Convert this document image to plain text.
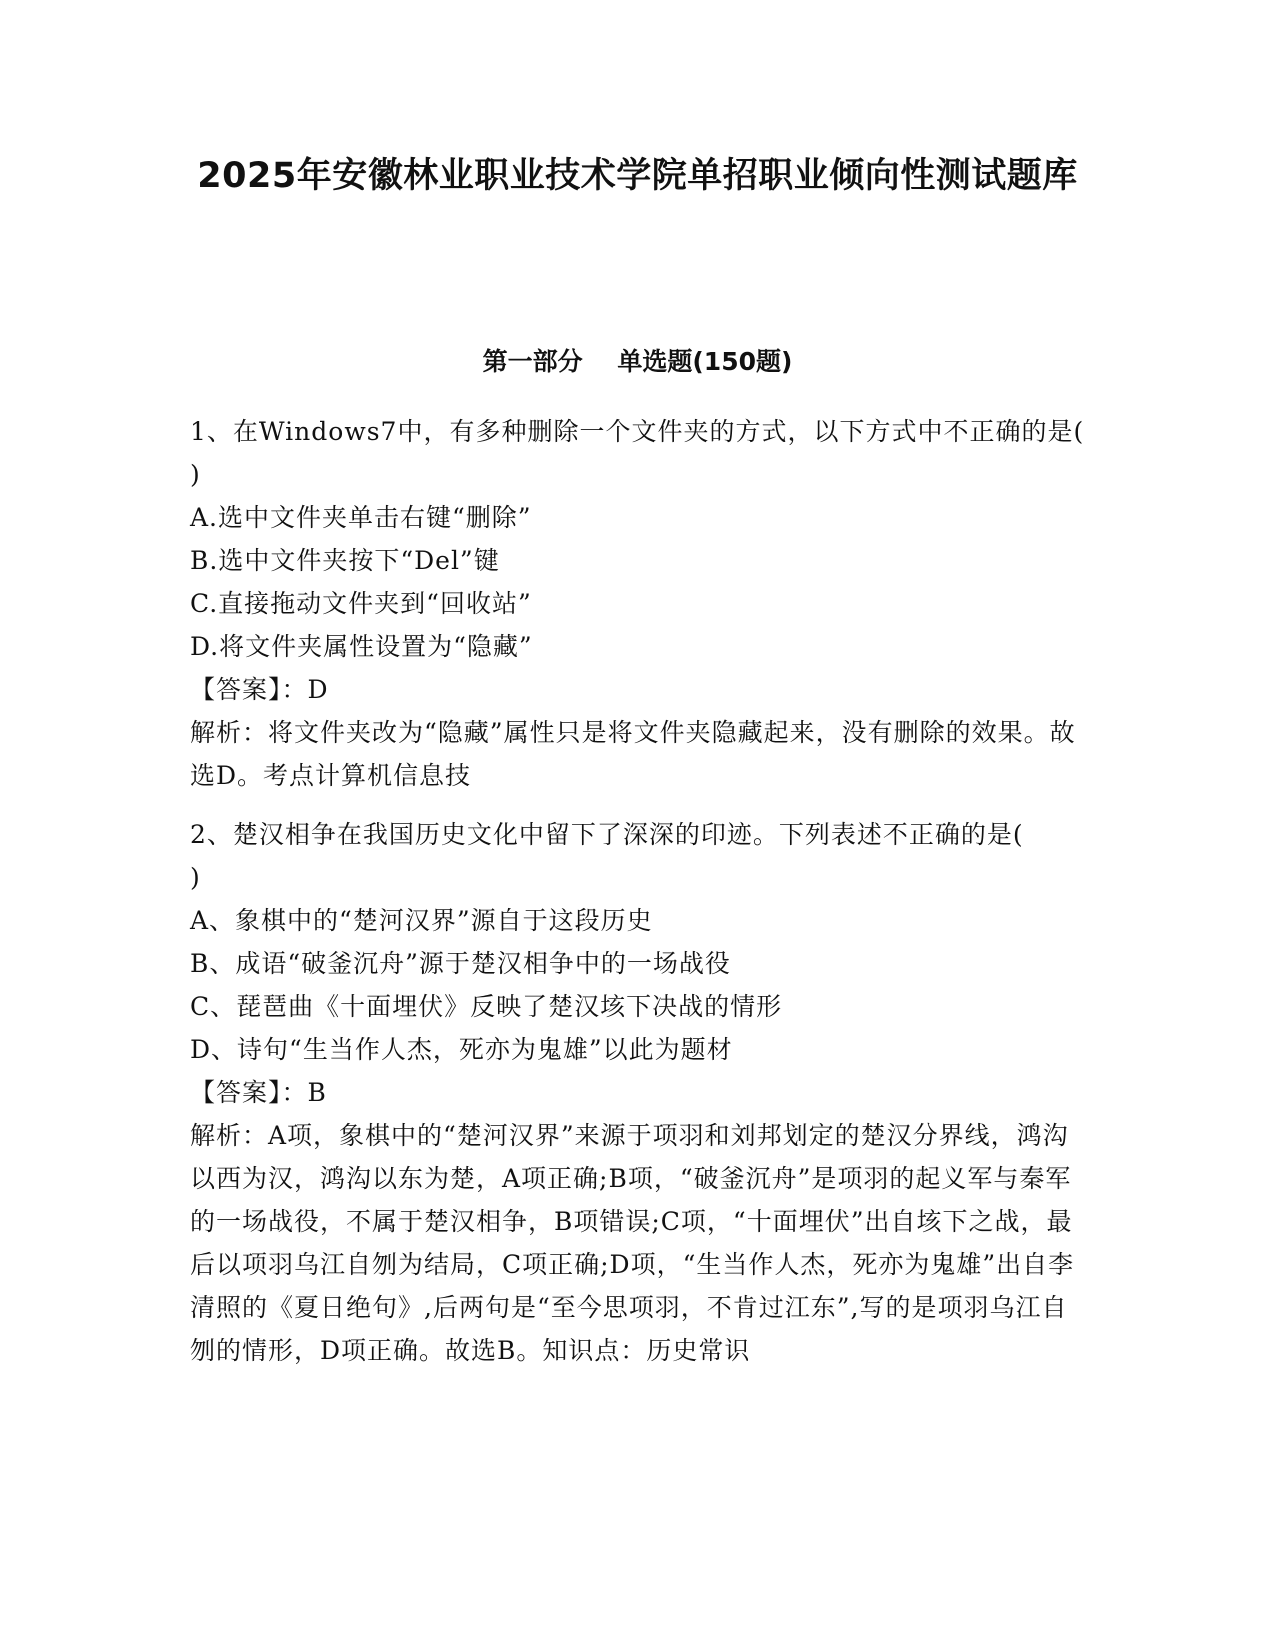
2025年安徽林业职业技术学院单招职业倾向性测试题库
第一部分    单选题(150题)

1、在Windows7中，有多种删除一个文件夹的方式，以下方式中不正确的是(　　)

A.选中文件夹单击右键“删除”

B.选中文件夹按下“Del”键

C.直接拖动文件夹到“回收站”

D.将文件夹属性设置为“隐藏”

【答案】：D

解析：将文件夹改为“隐藏”属性只是将文件夹隐藏起来，没有删除的效果。故选D。考点计算机信息技

2、楚汉相争在我国历史文化中留下了深深的印迹。下列表述不正确的是(　　)

A、象棋中的“楚河汉界”源自于这段历史

B、成语“破釜沉舟”源于楚汉相争中的一场战役

C、琵琶曲《十面埋伏》反映了楚汉垓下决战的情形

D、诗句“生当作人杰，死亦为鬼雄”以此为题材

【答案】：B

解析：A项，象棋中的“楚河汉界”来源于项羽和刘邦划定的楚汉分界线，鸿沟以西为汉，鸿沟以东为楚，A项正确;B项，“破釜沉舟”是项羽的起义军与秦军的一场战役，不属于楚汉相争，B项错误;C项，“十面埋伏”出自垓下之战，最后以项羽乌江自刎为结局，C项正确;D项，“生当作人杰，死亦为鬼雄”出自李清照的《夏日绝句》,后两句是“至今思项羽，不肯过江东”,写的是项羽乌江自刎的情形，D项正确。故选B。知识点：历史常识
